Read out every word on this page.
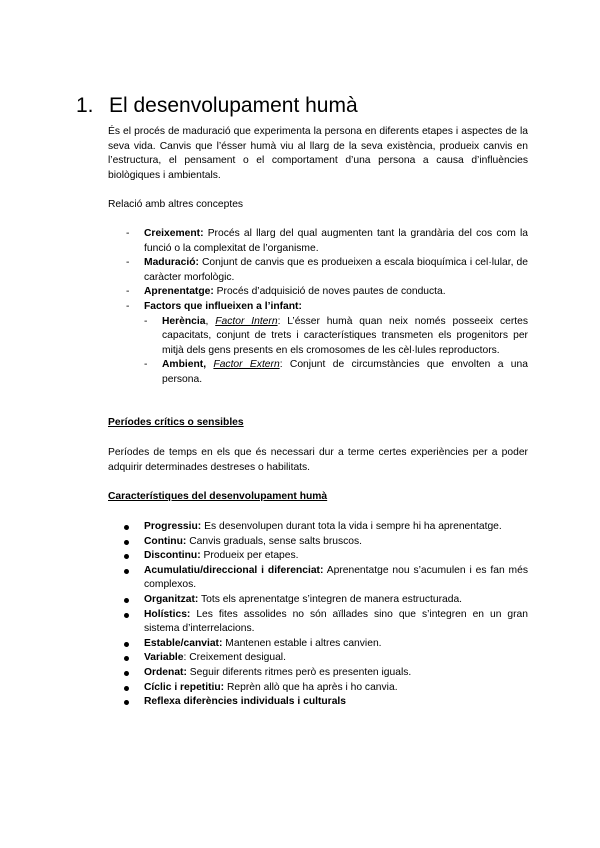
1. El desenvolupament humà
És el procés de maduració que experimenta la persona en diferents etapes i aspectes de la seva vida. Canvis que l’ésser humà viu al llarg de la seva existència, produeix canvis en l’estructura, el pensament o el comportament d’una persona a causa d’influències biològiques i ambientals.
Relació amb altres conceptes
- Creixement: Procés al llarg del qual augmenten tant la grandària del cos com la funció o la complexitat de l’organisme.
- Maduració: Conjunt de canvis que es produeixen a escala bioquímica i cel·lular, de caràcter morfològic.
- Aprenentatge: Procés d’adquisició de noves pautes de conducta.
- Factors que influeixen a l’infant:
- Herència, Factor Intern: L’ésser humà quan neix només posseeix certes capacitats, conjunt de trets i característiques transmeten els progenitors per mitjà dels gens presents en els cromosomes de les cèl·lules reproductors.
- Ambient, Factor Extern: Conjunt de circumstàncies que envolten a una persona.
Períodes crítics o sensibles
Períodes de temps en els que és necessari dur a terme certes experiències per a poder adquirir determinades destreses o habilitats.
Característiques del desenvolupament humà
Progressiu: Es desenvolupen durant tota la vida i sempre hi ha aprenentatge.
Continu: Canvis graduals, sense salts bruscos.
Discontinu: Produeix per etapes.
Acumulatiu/direccional i diferenciat: Aprenentatge nou s’acumulen i es fan més complexos.
Organitzat: Tots els aprenentatge s’integren de manera estructurada.
Holístics: Les fites assolides no són aïllades sino que s’integren en un gran sistema d’interrelacions.
Estable/canviat: Mantenen estable i altres canvien.
Variable: Creixement desigual.
Ordenat: Seguir diferents ritmes però es presenten iguals.
Cíclic i repetitiu: Reprèn allò que ha après i ho canvia.
Reflexa diferències individuals i culturals
